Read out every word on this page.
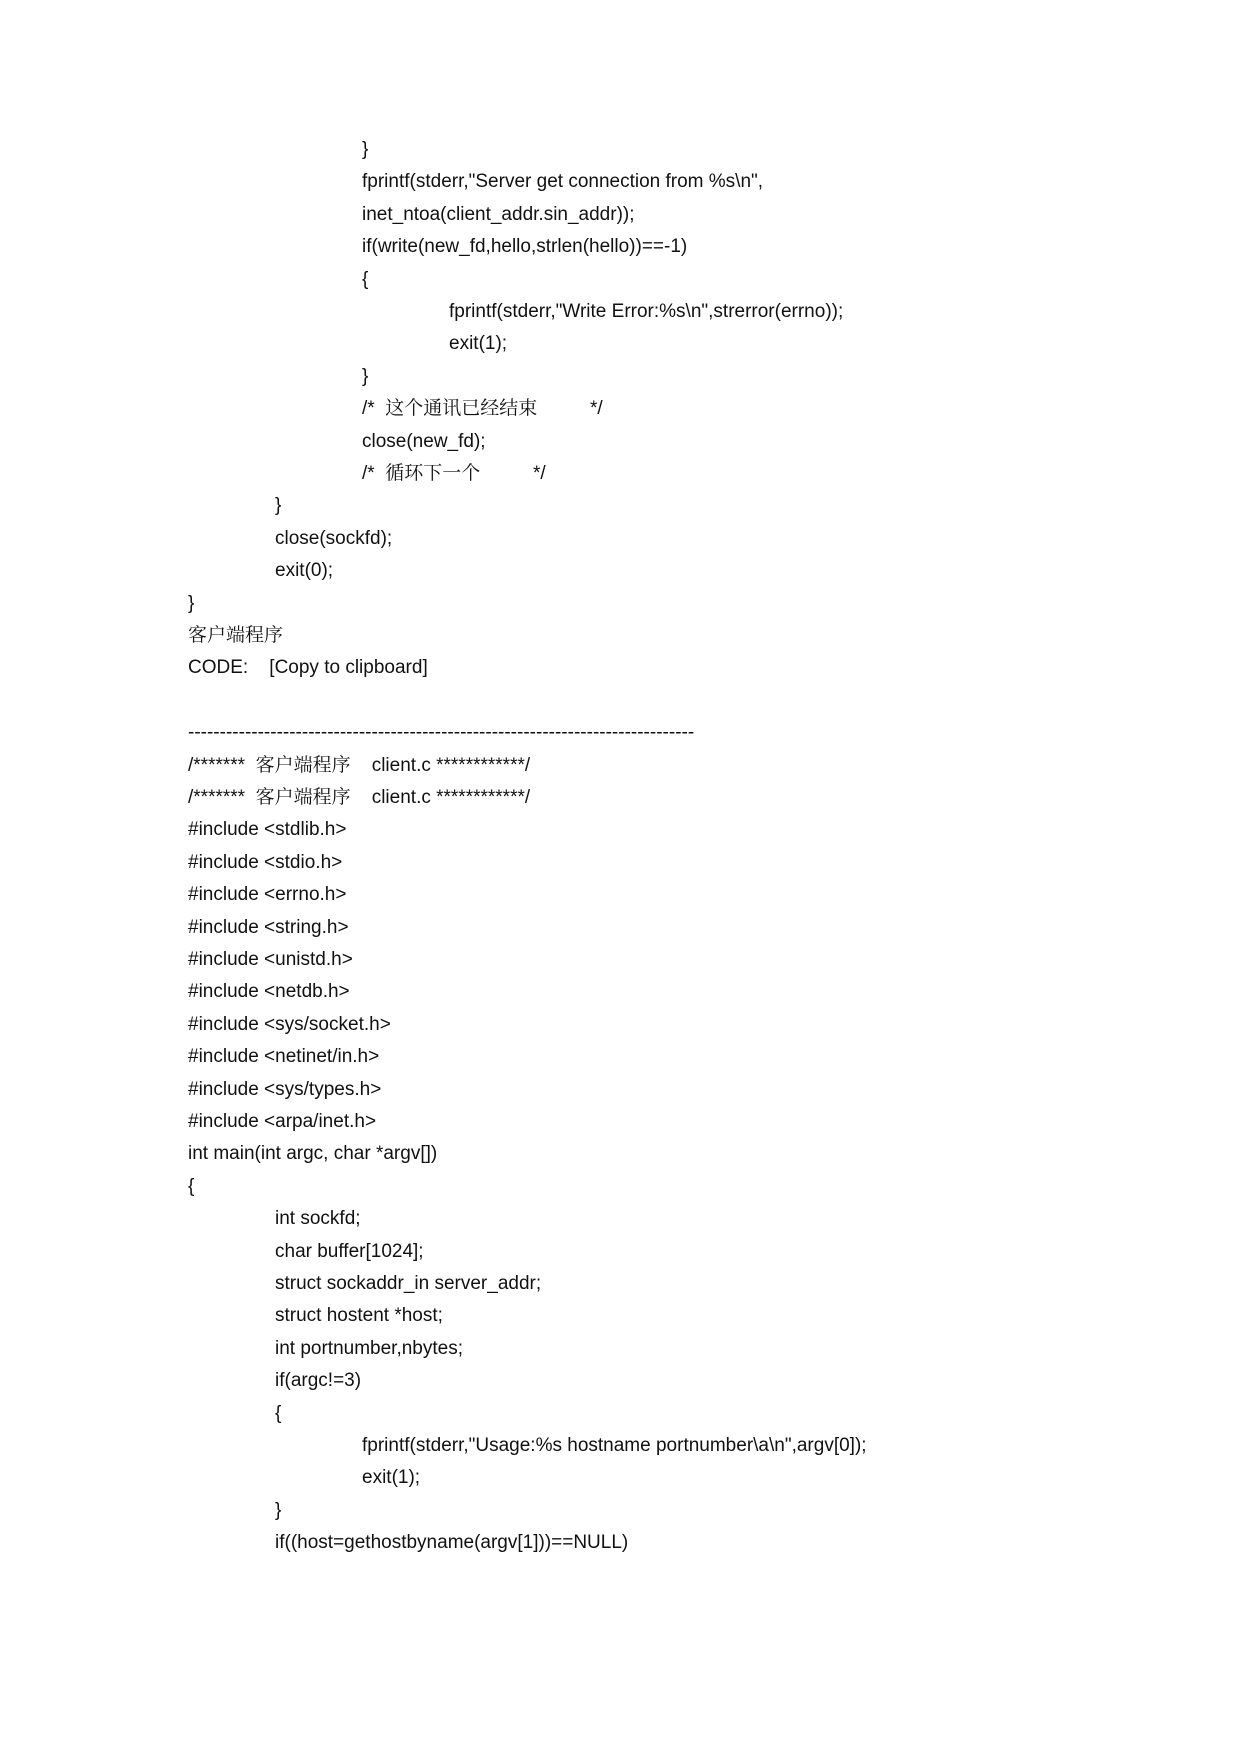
}
fprintf(stderr,"Server get connection from %s\n",
inet_ntoa(client_addr.sin_addr));
if(write(new_fd,hello,strlen(hello))==-1)
{
fprintf(stderr,"Write Error:%s\n",strerror(errno));
exit(1);
}
/*  这个通讯已经结束          */
close(new_fd);
/*  循环下一个          */
}
close(sockfd);
exit(0);
}
客户端程序
CODE:    [Copy to clipboard]
--------------------------------------------------------------------------------
/*******  客户端程序    client.c ************/
/*******  客户端程序    client.c ************/
#include <stdlib.h>
#include <stdio.h>
#include <errno.h>
#include <string.h>
#include <unistd.h>
#include <netdb.h>
#include <sys/socket.h>
#include <netinet/in.h>
#include <sys/types.h>
#include <arpa/inet.h>
int main(int argc, char *argv[])
{
int sockfd;
char buffer[1024];
struct sockaddr_in server_addr;
struct hostent *host;
int portnumber,nbytes;
if(argc!=3)
{
fprintf(stderr,"Usage:%s hostname portnumber\a\n",argv[0]);
exit(1);
}
if((host=gethostbyname(argv[1]))==NULL)
